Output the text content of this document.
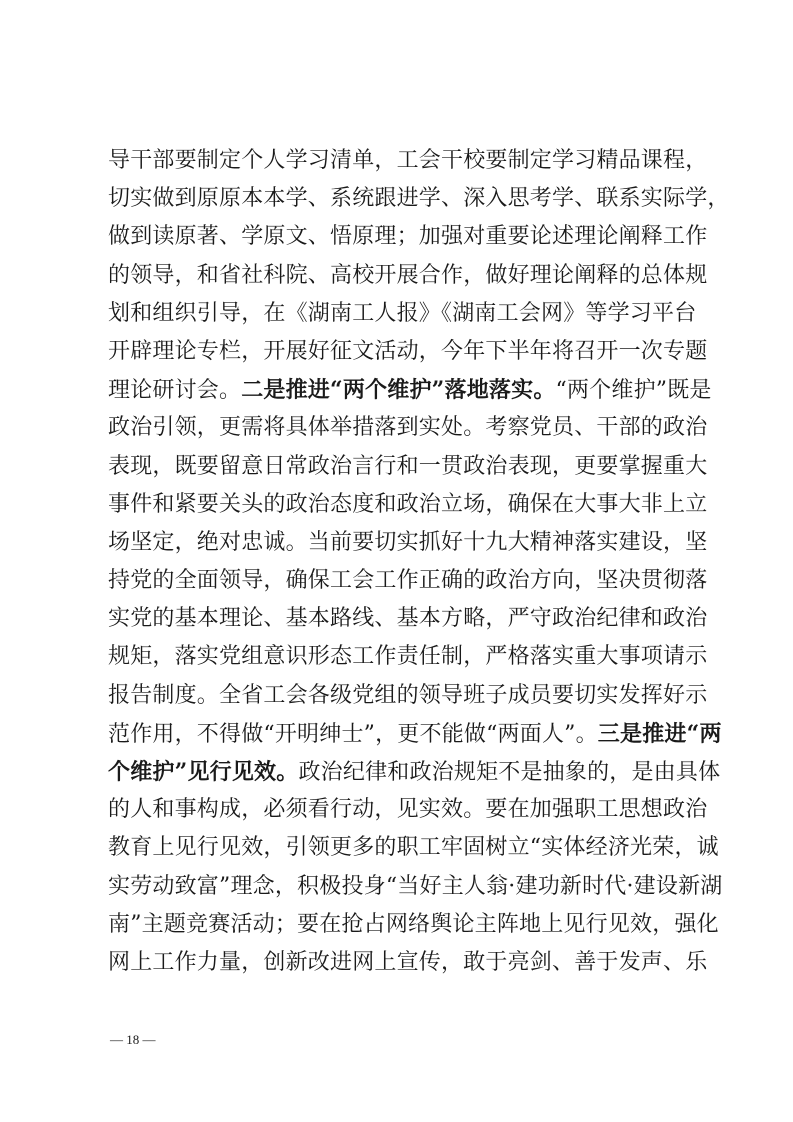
导干部要制定个人学习清单，工会干校要制定学习精品课程，
切实做到原原本本学、系统跟进学、深入思考学、联系实际学，
做到读原著、学原文、悟原理；加强对重要论述理论阐释工作
的领导，和省社科院、高校开展合作，做好理论阐释的总体规
划和组织引导，在《湖南工人报》《湖南工会网》等学习平台
开辟理论专栏，开展好征文活动，今年下半年将召开一次专题
理论研讨会。二是推进“两个维护”落地落实。“两个维护”既是
政治引领，更需将具体举措落到实处。考察党员、干部的政治
表现，既要留意日常政治言行和一贯政治表现，更要掌握重大
事件和紧要关头的政治态度和政治立场，确保在大事大非上立
场坚定，绝对忠诚。当前要切实抓好十九大精神落实建设，坚
持党的全面领导，确保工会工作正确的政治方向，坚决贯彻落
实党的基本理论、基本路线、基本方略，严守政治纪律和政治
规矩，落实党组意识形态工作责任制，严格落实重大事项请示
报告制度。全省工会各级党组的领导班子成员要切实发挥好示
范作用，不得做“开明绅士”，更不能做“两面人”。三是推进“两
个维护”见行见效。政治纪律和政治规矩不是抽象的，是由具体
的人和事构成，必须看行动，见实效。要在加强职工思想政治
教育上见行见效，引领更多的职工牢固树立“实体经济光荣，诚
实劳动致富”理念，积极投身“当好主人翁·建功新时代·建设新湖
南”主题竞赛活动；要在抢占网络舆论主阵地上见行见效，强化
网上工作力量，创新改进网上宣传，敢于亮剑、善于发声、乐
— 18 —
